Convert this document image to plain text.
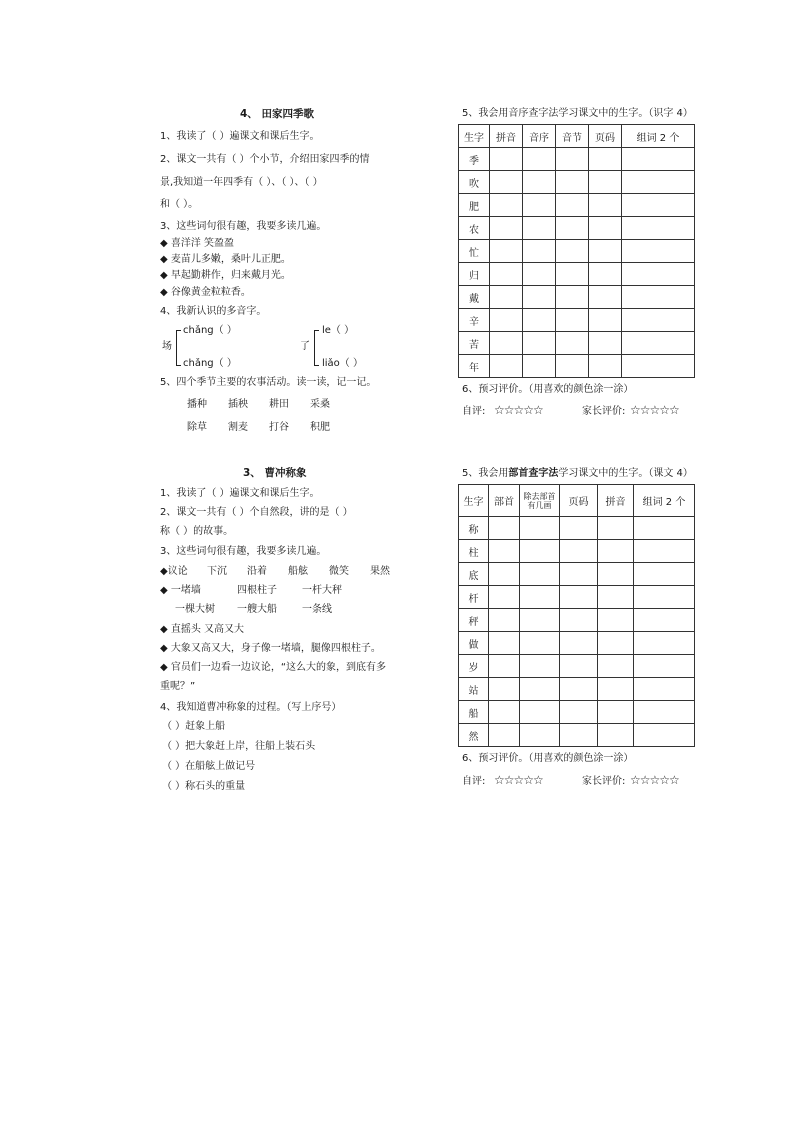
4、 田家四季歌
1、我读了（ ）遍课文和课后生字。
2、课文一共有（ ）个小节，介绍田家四季的情
景,我知道一年四季有（ ）、（ ）、（ ）
和（ ）。
3、这些词句很有趣，我要多读几遍。
◆ 喜洋洋 笑盈盈
◆ 麦苗儿多嫩，桑叶儿正肥。
◆ 早起勤耕作，归来戴月光。
◆ 谷像黄金粒粒香。
4、我新认识的多音字。
场
chǎng（ ）
chǎng（ ）
了
le（ ）
liǎo（ ）
5、四个季节主要的农事活动。读一读，记一记。
播种 插秧 耕田 采桑
除草 割麦 打谷 积肥
3、 曹冲称象
1、我读了（ ）遍课文和课后生字。
2、课文一共有（ ）个自然段，讲的是（ ）
称（ ）的故事。
3、这些词句很有趣，我要多读几遍。
◆议论 下沉 沿着 船舷 微笑 果然
◆ 一堵墙	四根柱子	一杆大秤
一棵大树 一艘大船	一条线
◆ 直摇头 又高又大
◆ 大象又高又大，身子像一堵墙，腿像四根柱子。
◆ 官员们一边看一边议论，“这么大的象，到底有多
重呢？”
4、我知道曹冲称象的过程。（写上序号）
（ ）赶象上船
（ ）把大象赶上岸，往船上装石头
（ ）在船舷上做记号
（ ）称石头的重量
5、我会用音序查字法学习课文中的生字。（识字 4）
生字	拼音	音序	音节	页码	组词 2 个
季					
吹					
肥					
农					
忙					
归					
戴					
辛					
苦					
年					
6、预习评价。（用喜欢的颜色涂一涂）
自评: ☆☆☆☆☆	家长评价: ☆☆☆☆☆
5、我会用部首查字法学习课文中的生字。（课文 4）
生字	部首	除去部首有几画	页码	拼音	组词 2 个
称					
柱					
底					
杆					
秤					
做					
岁					
站					
船					
然					
6、预习评价。（用喜欢的颜色涂一涂）
自评: ☆☆☆☆☆	家长评价: ☆☆☆☆☆
